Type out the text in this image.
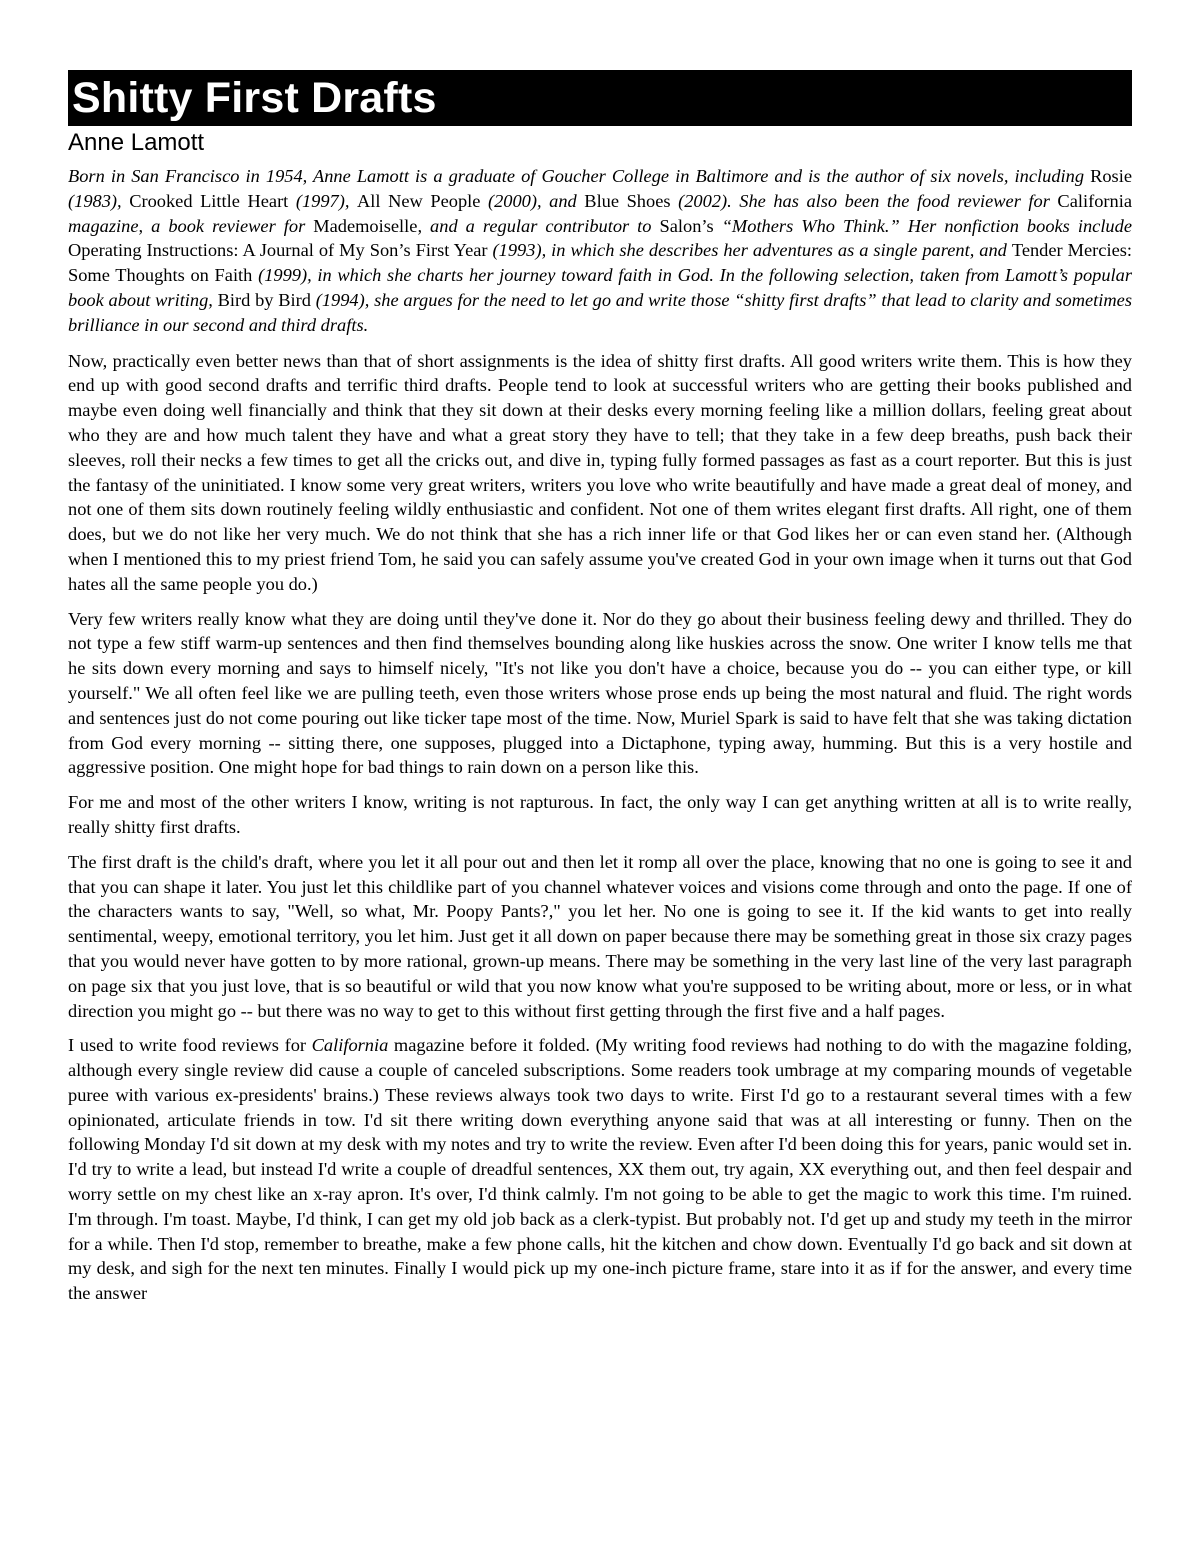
Shitty First Drafts
Anne Lamott

Born in San Francisco in 1954, Anne Lamott is a graduate of Goucher College in Baltimore and is the author of six novels, including Rosie (1983), Crooked Little Heart (1997), All New People (2000), and Blue Shoes (2002). She has also been the food reviewer for California magazine, a book reviewer for Mademoiselle, and a regular contributor to Salon’s “Mothers Who Think.” Her nonfiction books include Operating Instructions: A Journal of My Son’s First Year (1993), in which she describes her adventures as a single parent, and Tender Mercies: Some Thoughts on Faith (1999), in which she charts her journey toward faith in God. In the following selection, taken from Lamott’s popular book about writing, Bird by Bird (1994), she argues for the need to let go and write those “shitty first drafts” that lead to clarity and sometimes brilliance in our second and third drafts.

Now, practically even better news than that of short assignments is the idea of shitty first drafts. All good writers write them. This is how they end up with good second drafts and terrific third drafts. People tend to look at successful writers who are getting their books published and maybe even doing well financially and think that they sit down at their desks every morning feeling like a million dollars, feeling great about who they are and how much talent they have and what a great story they have to tell; that they take in a few deep breaths, push back their sleeves, roll their necks a few times to get all the cricks out, and dive in, typing fully formed passages as fast as a court reporter. But this is just the fantasy of the uninitiated. I know some very great writers, writers you love who write beautifully and have made a great deal of money, and not one of them sits down routinely feeling wildly enthusiastic and confident. Not one of them writes elegant first drafts. All right, one of them does, but we do not like her very much. We do not think that she has a rich inner life or that God likes her or can even stand her. (Although when I mentioned this to my priest friend Tom, he said you can safely assume you've created God in your own image when it turns out that God hates all the same people you do.)

Very few writers really know what they are doing until they've done it. Nor do they go about their business feeling dewy and thrilled. They do not type a few stiff warm-up sentences and then find themselves bounding along like huskies across the snow. One writer I know tells me that he sits down every morning and says to himself nicely, "It's not like you don't have a choice, because you do -- you can either type, or kill yourself." We all often feel like we are pulling teeth, even those writers whose prose ends up being the most natural and fluid. The right words and sentences just do not come pouring out like ticker tape most of the time. Now, Muriel Spark is said to have felt that she was taking dictation from God every morning -- sitting there, one supposes, plugged into a Dictaphone, typing away, humming. But this is a very hostile and aggressive position. One might hope for bad things to rain down on a person like this.

For me and most of the other writers I know, writing is not rapturous. In fact, the only way I can get anything written at all is to write really, really shitty first drafts.

The first draft is the child's draft, where you let it all pour out and then let it romp all over the place, knowing that no one is going to see it and that you can shape it later. You just let this childlike part of you channel whatever voices and visions come through and onto the page. If one of the characters wants to say, "Well, so what, Mr. Poopy Pants?," you let her. No one is going to see it. If the kid wants to get into really sentimental, weepy, emotional territory, you let him. Just get it all down on paper because there may be something great in those six crazy pages that you would never have gotten to by more rational, grown-up means. There may be something in the very last line of the very last paragraph on page six that you just love, that is so beautiful or wild that you now know what you're supposed to be writing about, more or less, or in what direction you might go -- but there was no way to get to this without first getting through the first five and a half pages.

I used to write food reviews for California magazine before it folded. (My writing food reviews had nothing to do with the magazine folding, although every single review did cause a couple of canceled subscriptions. Some readers took umbrage at my comparing mounds of vegetable puree with various ex-presidents' brains.) These reviews always took two days to write. First I'd go to a restaurant several times with a few opinionated, articulate friends in tow. I'd sit there writing down everything anyone said that was at all interesting or funny. Then on the following Monday I'd sit down at my desk with my notes and try to write the review. Even after I'd been doing this for years, panic would set in. I'd try to write a lead, but instead I'd write a couple of dreadful sentences, XX them out, try again, XX everything out, and then feel despair and worry settle on my chest like an x-ray apron. It's over, I'd think calmly. I'm not going to be able to get the magic to work this time. I'm ruined. I'm through. I'm toast. Maybe, I'd think, I can get my old job back as a clerk-typist. But probably not. I'd get up and study my teeth in the mirror for a while. Then I'd stop, remember to breathe, make a few phone calls, hit the kitchen and chow down. Eventually I'd go back and sit down at my desk, and sigh for the next ten minutes. Finally I would pick up my one-inch picture frame, stare into it as if for the answer, and every time the answer
